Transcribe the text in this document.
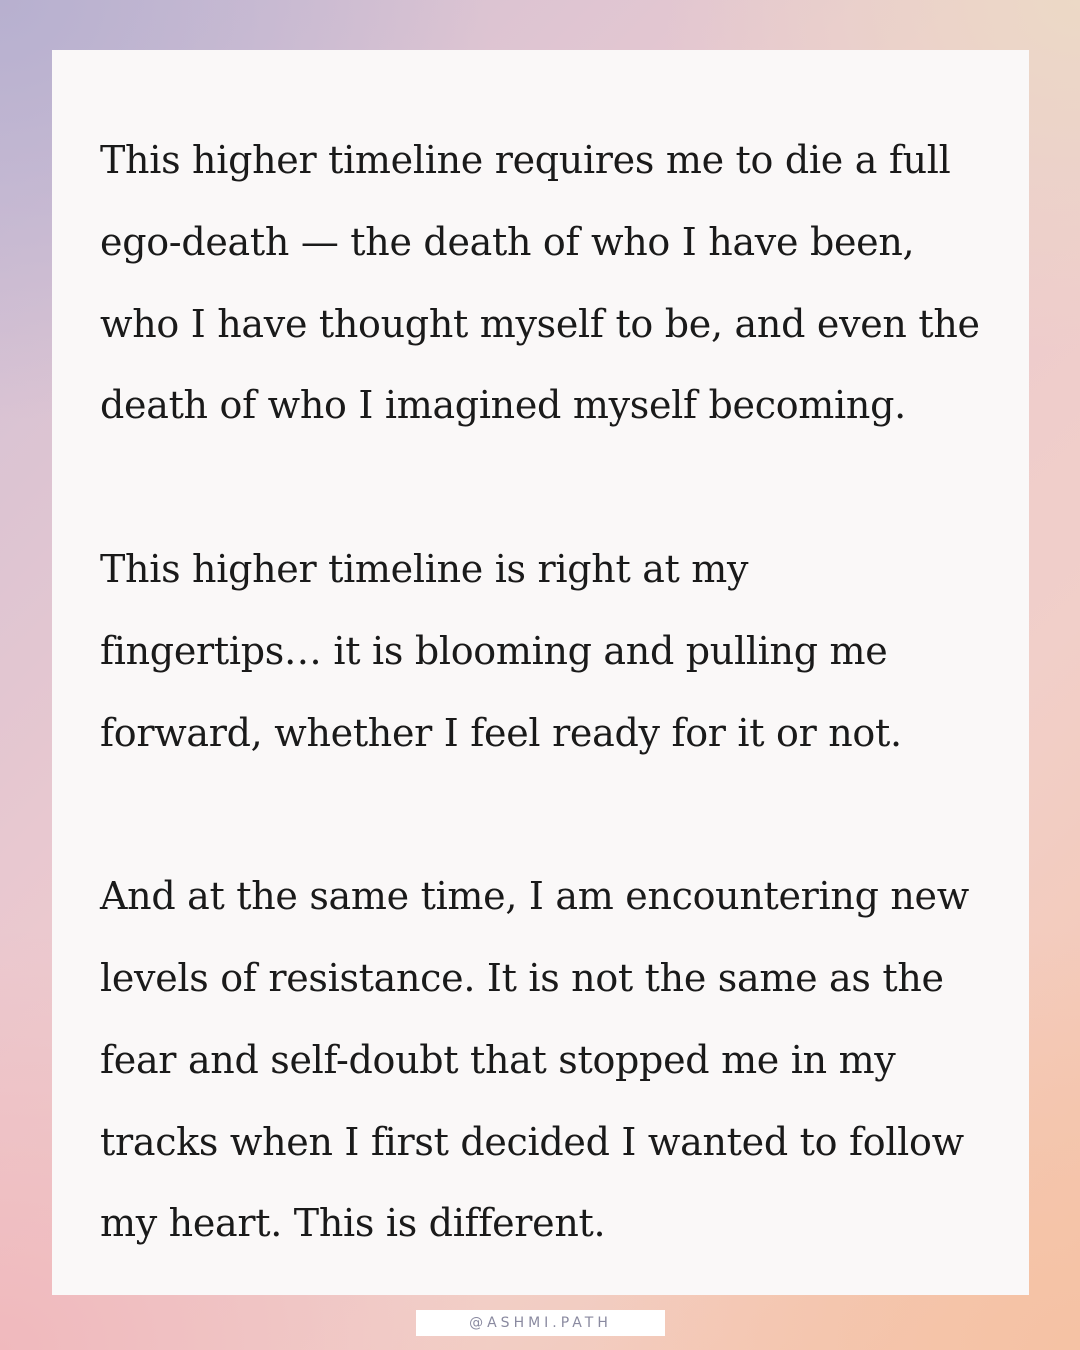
This higher timeline requires me to die a full ego-death — the death of who I have been, who I have thought myself to be, and even the death of who I imagined myself becoming.

This higher timeline is right at my fingertips… it is blooming and pulling me forward, whether I feel ready for it or not.

And at the same time, I am encountering new levels of resistance. It is not the same as the fear and self-doubt that stopped me in my tracks when I first decided I wanted to follow my heart. This is different.

@ASHMI.PATH
